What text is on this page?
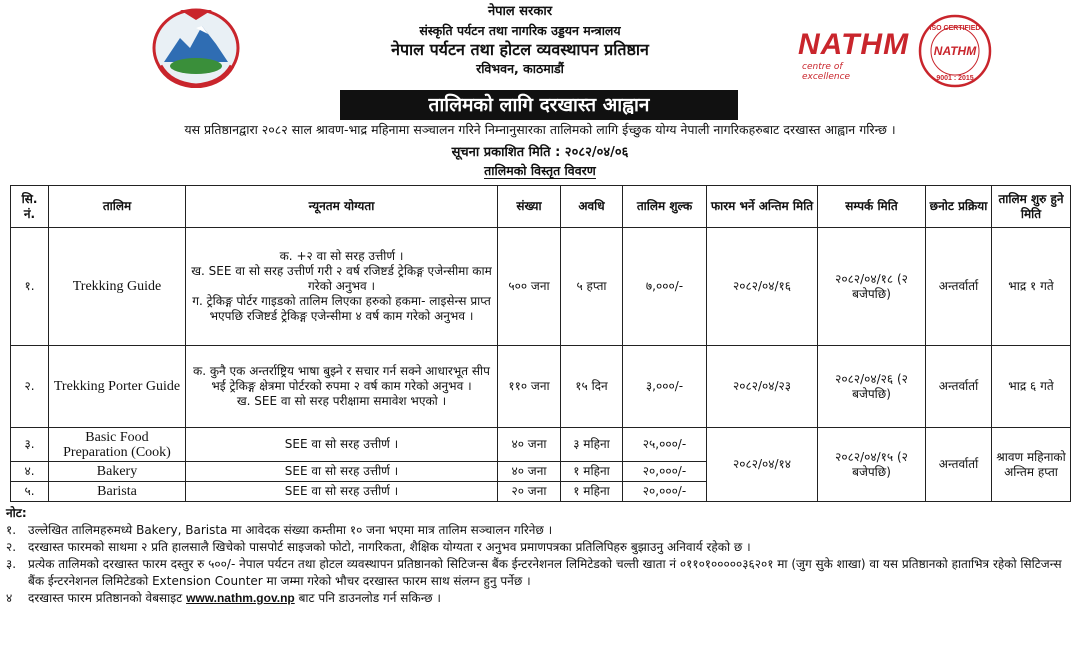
नेपाल सरकार
संस्कृति पर्यटन तथा नागरिक उड्डयन मन्त्रालय
नेपाल पर्यटन तथा होटल व्यवस्थापन प्रतिष्ठान
रविभवन, काठमाडौं
NATHM
centre of excellence
ISO CERTIFIED
NATHM
9001 : 2015
तालिमको लागि दरखास्त आह्वान
यस प्रतिष्ठानद्वारा २०८२ साल श्रावण-भाद्र महिनामा सञ्चालन गरिने निम्नानुसारका तालिमको लागि ईच्छुक योग्य नेपाली नागरिकहरुबाट दरखास्त आह्वान गरिन्छ ।
सूचना प्रकाशित मिति : २०८२/०४/०६
तालिमको विस्तृत विवरण
सि. नं.	तालिम	न्यूनतम योग्यता	संख्या	अवधि	तालिम शुल्क	फारम भर्ने अन्तिम मिति	सम्पर्क मिति	छनोट प्रक्रिया	तालिम शुरु हुने मिति
१.	Trekking Guide	क. +२ वा सो सरह उत्तीर्ण ।
ख. SEE वा सो सरह उत्तीर्ण गरी २ वर्ष रजिष्टर्ड ट्रेकिङ्ग एजेन्सीमा काम गरेको अनुभव ।
ग. ट्रेकिङ्ग पोर्टर गाइडको तालिम लिएका हरुको हकमा- लाइसेन्स प्राप्त भएपछि रजिष्टर्ड ट्रेकिङ्ग एजेन्सीमा ४ वर्ष काम गरेको अनुभव ।	५०० जना	५ हप्ता	७,०००/-	२०८२/०४/१६	२०८२/०४/१८ (२ बजेपछि)	अन्तर्वार्ता	भाद्र १ गते
२.	Trekking Porter Guide	क. कुनै एक अन्तर्राष्ट्रिय भाषा बुझ्ने र सचार गर्न सक्ने आधारभूत सीप भई ट्रेकिङ्ग क्षेत्रमा पोर्टरको रुपमा २ वर्ष काम गरेको अनुभव ।
ख. SEE वा सो सरह परीक्षामा समावेश भएको ।	११० जना	१५ दिन	३,०००/-	२०८२/०४/२३	२०८२/०४/२६ (२ बजेपछि)	अन्तर्वार्ता	भाद्र ६ गते
३.	Basic Food Preparation (Cook)	SEE वा सो सरह उत्तीर्ण ।	४० जना	३ महिना	२५,०००/-	२०८२/०४/१४	२०८२/०४/१५ (२ बजेपछि)	अन्तर्वार्ता	श्रावण महिनाको अन्तिम हप्ता
४.	Bakery	SEE वा सो सरह उत्तीर्ण ।	४० जना	१ महिना	२०,०००/-				
५.	Barista	SEE वा सो सरह उत्तीर्ण ।	२० जना	१ महिना	२०,०००/-				
नोट:
१. उल्लेखित तालिमहरुमध्ये Bakery, Barista मा आवेदक संख्या कम्तीमा १० जना भएमा मात्र तालिम सञ्चालन गरिनेछ ।
२. दरखास्त फारमको साथमा २ प्रति हालसालै खिचेको पासपोर्ट साइजको फोटो, नागरिकता, शैक्षिक योग्यता र अनुभव प्रमाणपत्रका प्रतिलिपिहरु बुझाउनु अनिवार्य रहेको छ ।
३. प्रत्येक तालिमको दरखास्त फारम दस्तुर रु ५००/- नेपाल पर्यटन तथा होटल व्यवस्थापन प्रतिष्ठानको सिटिजन्स बैंक ईन्टरनेशनल लिमिटेडको चल्ती खाता नं ०११०१०००००३६२०१ मा (जुग सुके शाखा) वा यस प्रतिष्ठानको हाताभित्र रहेको सिटिजन्स बैंक ईन्टरनेशनल लिमिटेडको Extension Counter मा जम्मा गरेको भौचर दरखास्त फारम साथ संलग्न हुनु पर्नेछ ।
४	दरखास्त फारम प्रतिष्ठानको वेबसाइट www.nathm.gov.np बाट पनि डाउनलोड गर्न सकिन्छ ।
